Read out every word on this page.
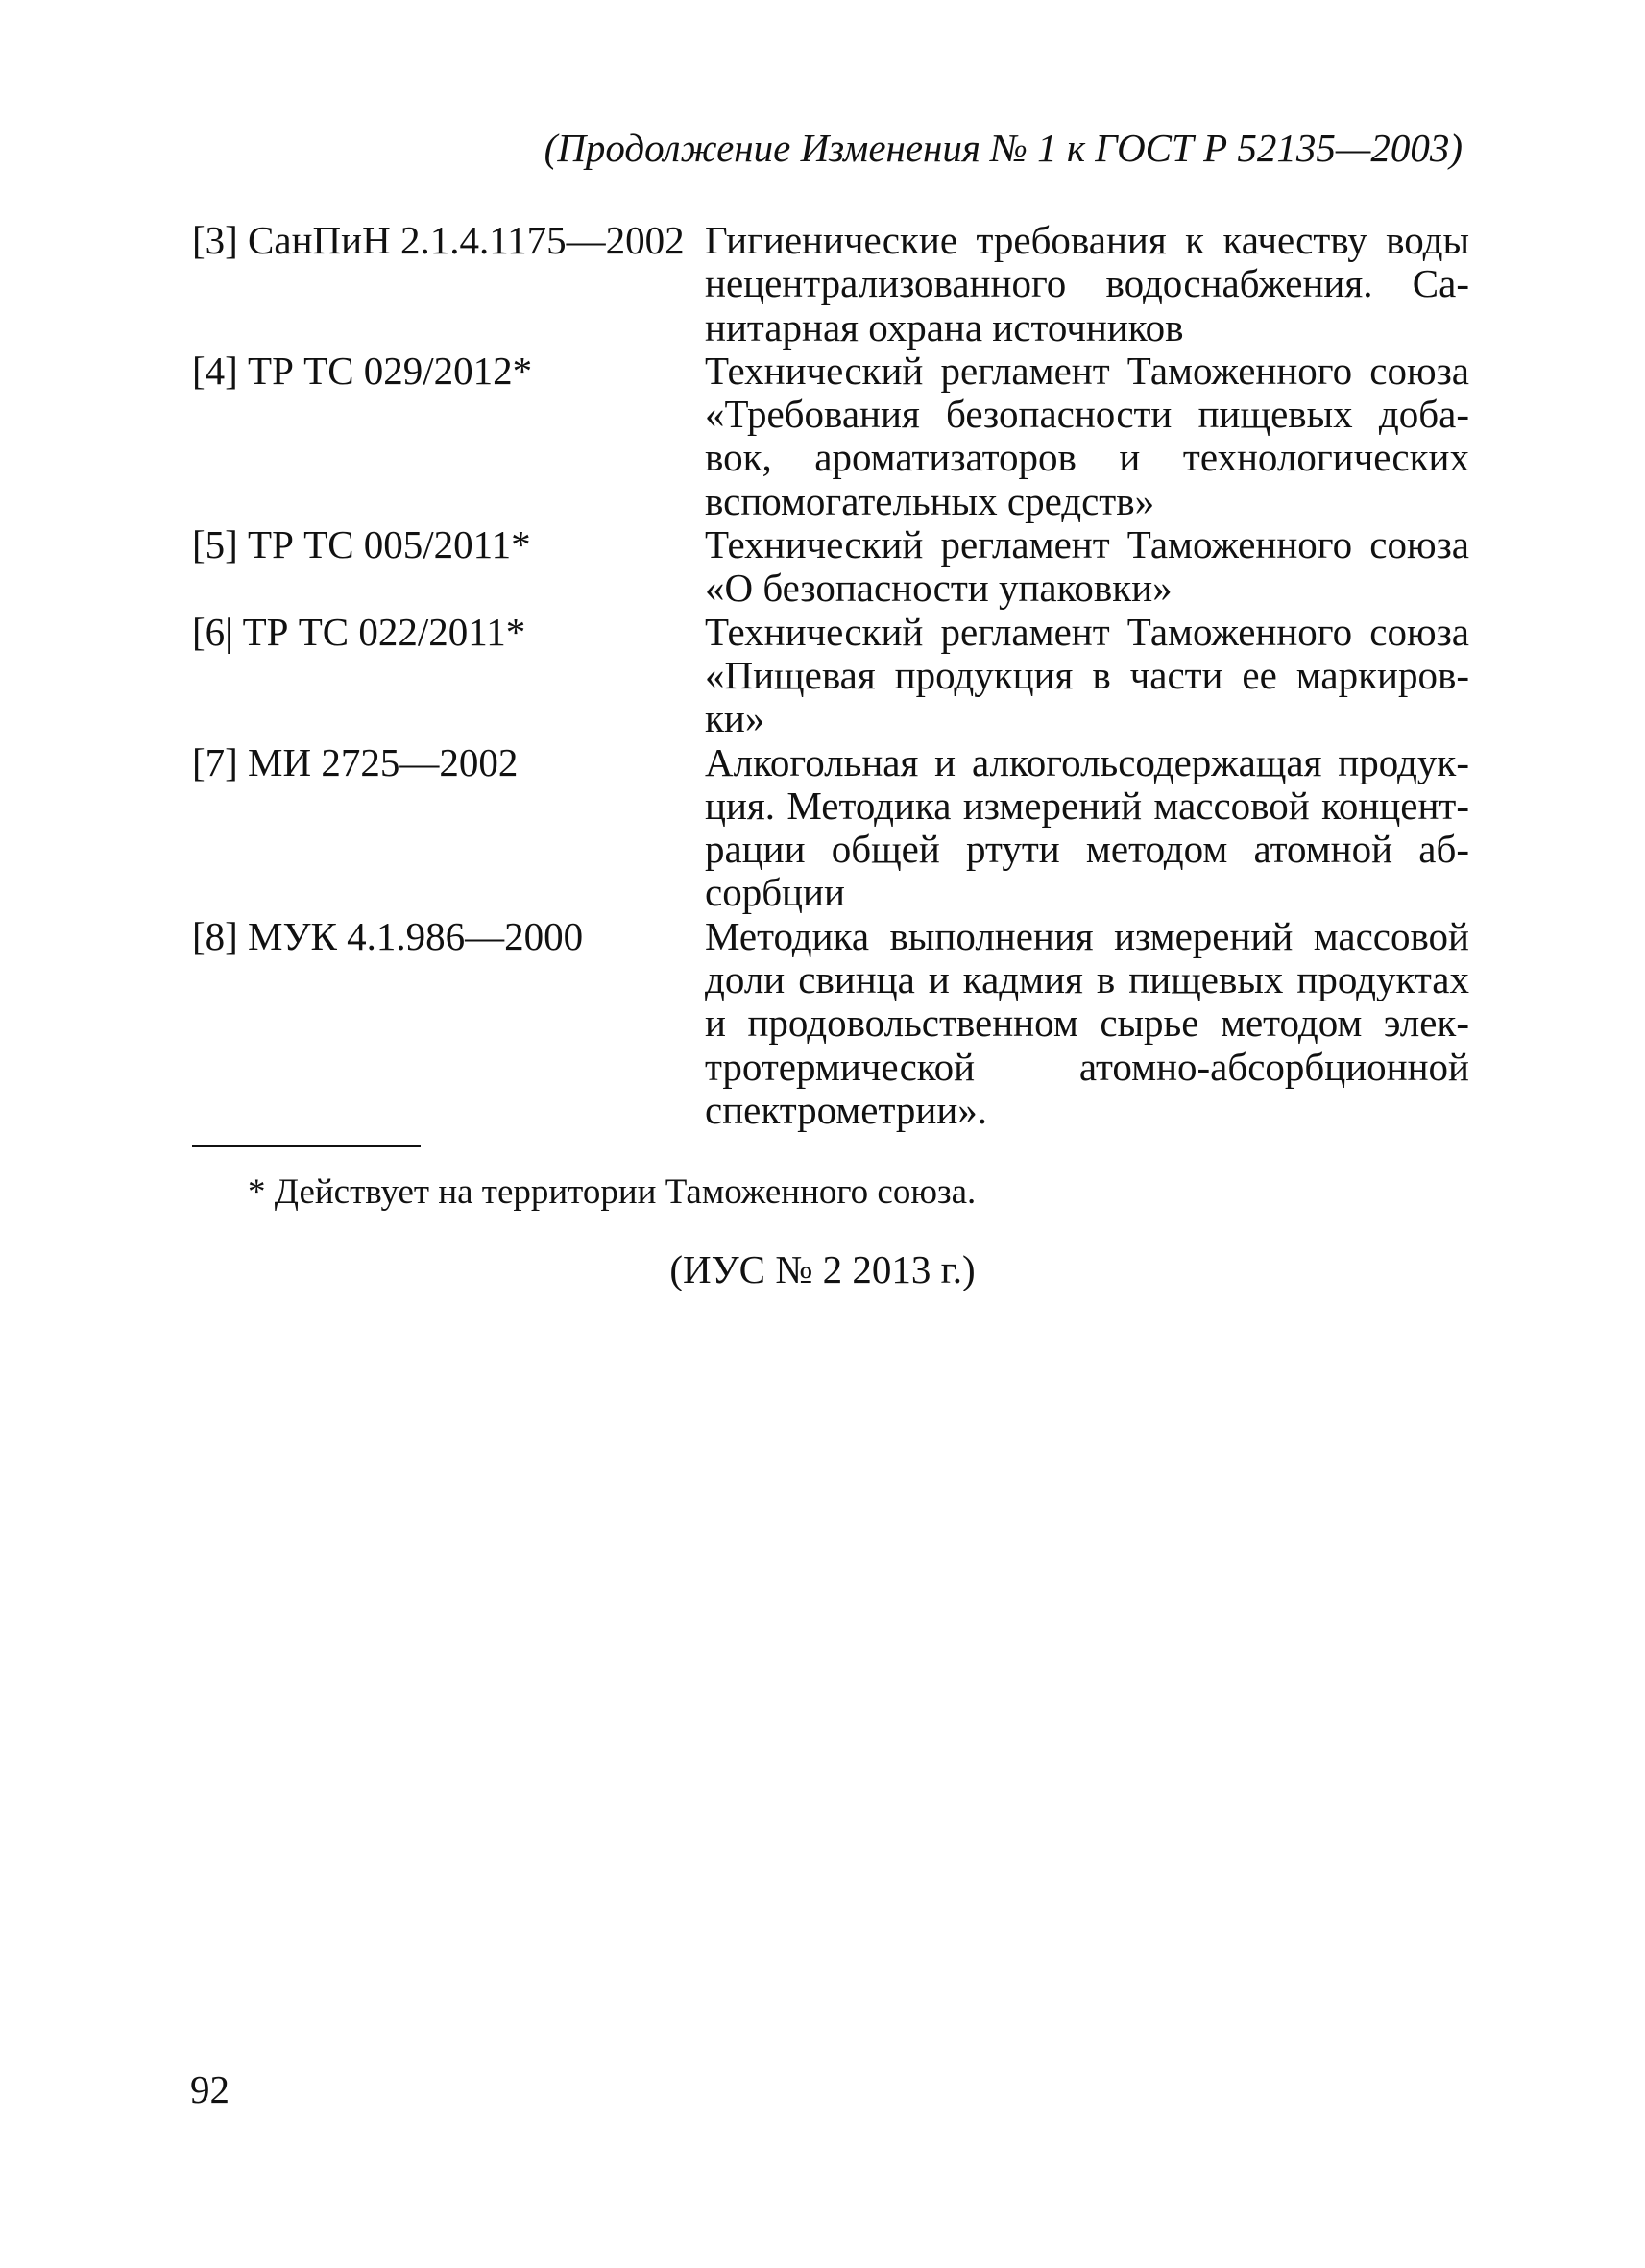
(Продолжение Изменения № 1 к ГОСТ Р 52135—2003)
[3] СанПиН 2.1.4.1175—2002 Гигиенические требования к качеству воды нецентрализованного водоснабжения. Санитарная охрана источников
[4] ТР ТС 029/2012*	Технический регламент Таможенного союза «Требования безопасности пищевых добавок, ароматизаторов и технологических вспомогательных средств»
[5] ТР ТС 005/2011*	Технический регламент Таможенного союза «О безопасности упаковки»
[6| ТР ТС 022/2011*	Технический регламент Таможенного союза «Пищевая продукция в части ее маркировки»
[7] МИ 2725—2002	Алкогольная и алкогольсодержащая продукция. Методика измерений массовой концентрации общей ртути методом атомной абсорбции
[8] МУК 4.1.986—2000	Методика выполнения измерений массовой доли свинца и кадмия в пищевых продуктах и продовольственном сырье методом электротермической атомно-абсорбционной спектрометрии».
* Действует на территории Таможенного союза.
(ИУС № 2 2013 г.)
92
